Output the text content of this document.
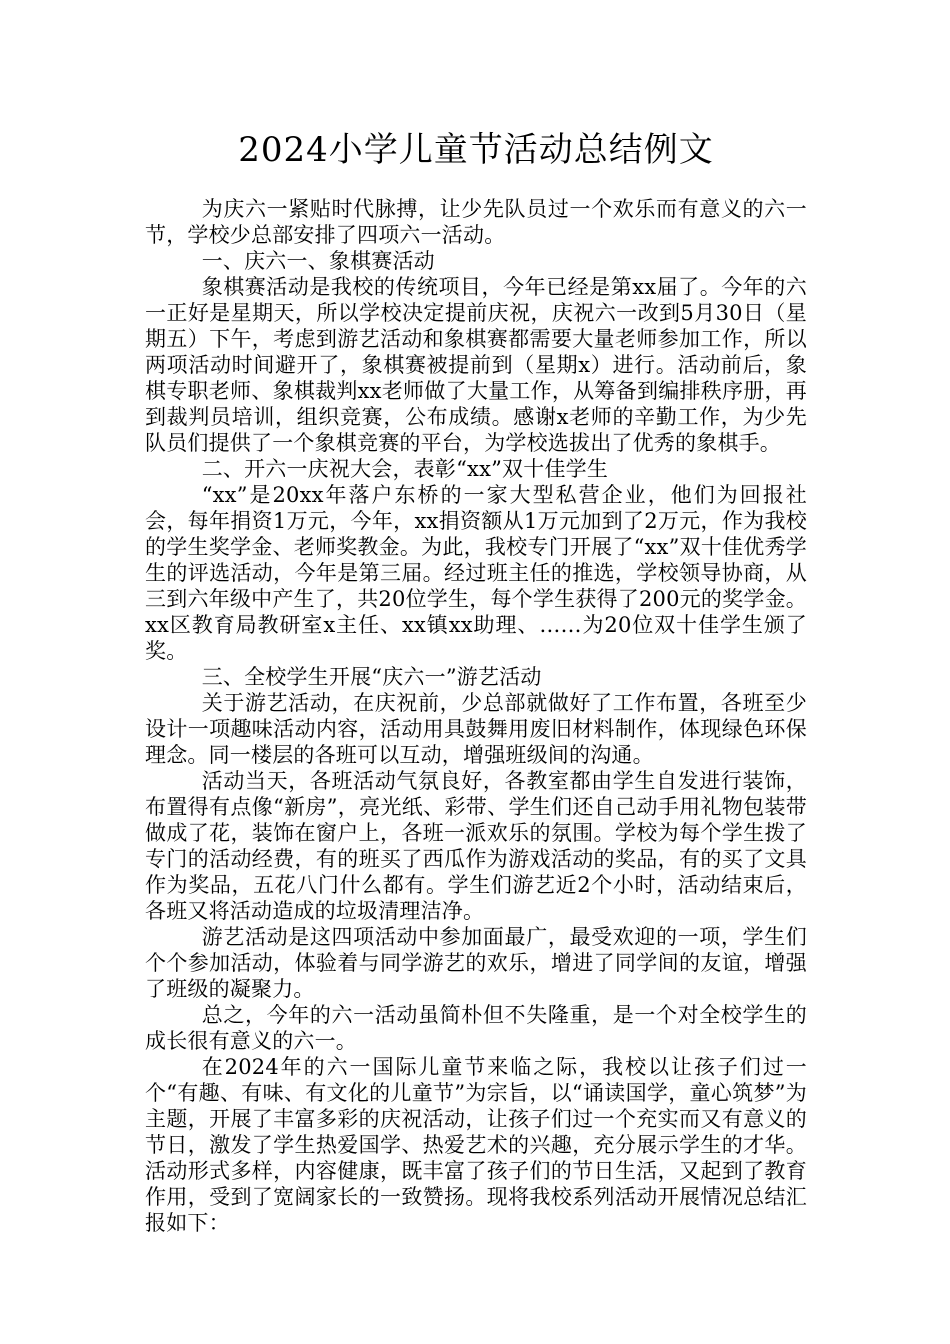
2024小学儿童节活动总结例文

为庆六一紧贴时代脉搏，让少先队员过一个欢乐而有意义的六一节，学校少总部安排了四项六一活动。

一、庆六一、象棋赛活动

象棋赛活动是我校的传统项目，今年已经是第xx届了。今年的六一正好是星期天，所以学校决定提前庆祝，庆祝六一改到5月30日（星期五）下午，考虑到游艺活动和象棋赛都需要大量老师参加工作，所以两项活动时间避开了，象棋赛被提前到（星期x）进行。活动前后，象棋专职老师、象棋裁判xx老师做了大量工作，从筹备到编排秩序册，再到裁判员培训，组织竞赛，公布成绩。感谢x老师的辛勤工作，为少先队员们提供了一个象棋竞赛的平台，为学校选拔出了优秀的象棋手。

二、开六一庆祝大会，表彰“xx”双十佳学生

“xx”是20xx年落户东桥的一家大型私营企业，他们为回报社会，每年捐资1万元，今年，xx捐资额从1万元加到了2万元，作为我校的学生奖学金、老师奖教金。为此，我校专门开展了“xx”双十佳优秀学生的评选活动，今年是第三届。经过班主任的推选，学校领导协商，从三到六年级中产生了，共20位学生，每个学生获得了200元的奖学金。xx区教育局教研室x主任、xx镇xx助理、……为20位双十佳学生颁了奖。

三、全校学生开展“庆六一”游艺活动

关于游艺活动，在庆祝前，少总部就做好了工作布置，各班至少设计一项趣味活动内容，活动用具鼓舞用废旧材料制作，体现绿色环保理念。同一楼层的各班可以互动，增强班级间的沟通。

活动当天，各班活动气氛良好，各教室都由学生自发进行装饰，布置得有点像“新房”，亮光纸、彩带、学生们还自己动手用礼物包装带做成了花，装饰在窗户上，各班一派欢乐的氛围。学校为每个学生拨了专门的活动经费，有的班买了西瓜作为游戏活动的奖品，有的买了文具作为奖品，五花八门什么都有。学生们游艺近2个小时，活动结束后，各班又将活动造成的垃圾清理洁净。

游艺活动是这四项活动中参加面最广，最受欢迎的一项，学生们个个参加活动，体验着与同学游艺的欢乐，增进了同学间的友谊，增强了班级的凝聚力。

总之，今年的六一活动虽简朴但不失隆重，是一个对全校学生的成长很有意义的六一。

在2024年的六一国际儿童节来临之际，我校以让孩子们过一个“有趣、有味、有文化的儿童节”为宗旨，以“诵读国学，童心筑梦”为主题，开展了丰富多彩的庆祝活动，让孩子们过一个充实而又有意义的节日，激发了学生热爱国学、热爱艺术的兴趣，充分展示学生的才华。活动形式多样，内容健康，既丰富了孩子们的节日生活，又起到了教育作用，受到了宽阔家长的一致赞扬。现将我校系列活动开展情况总结汇报如下：
